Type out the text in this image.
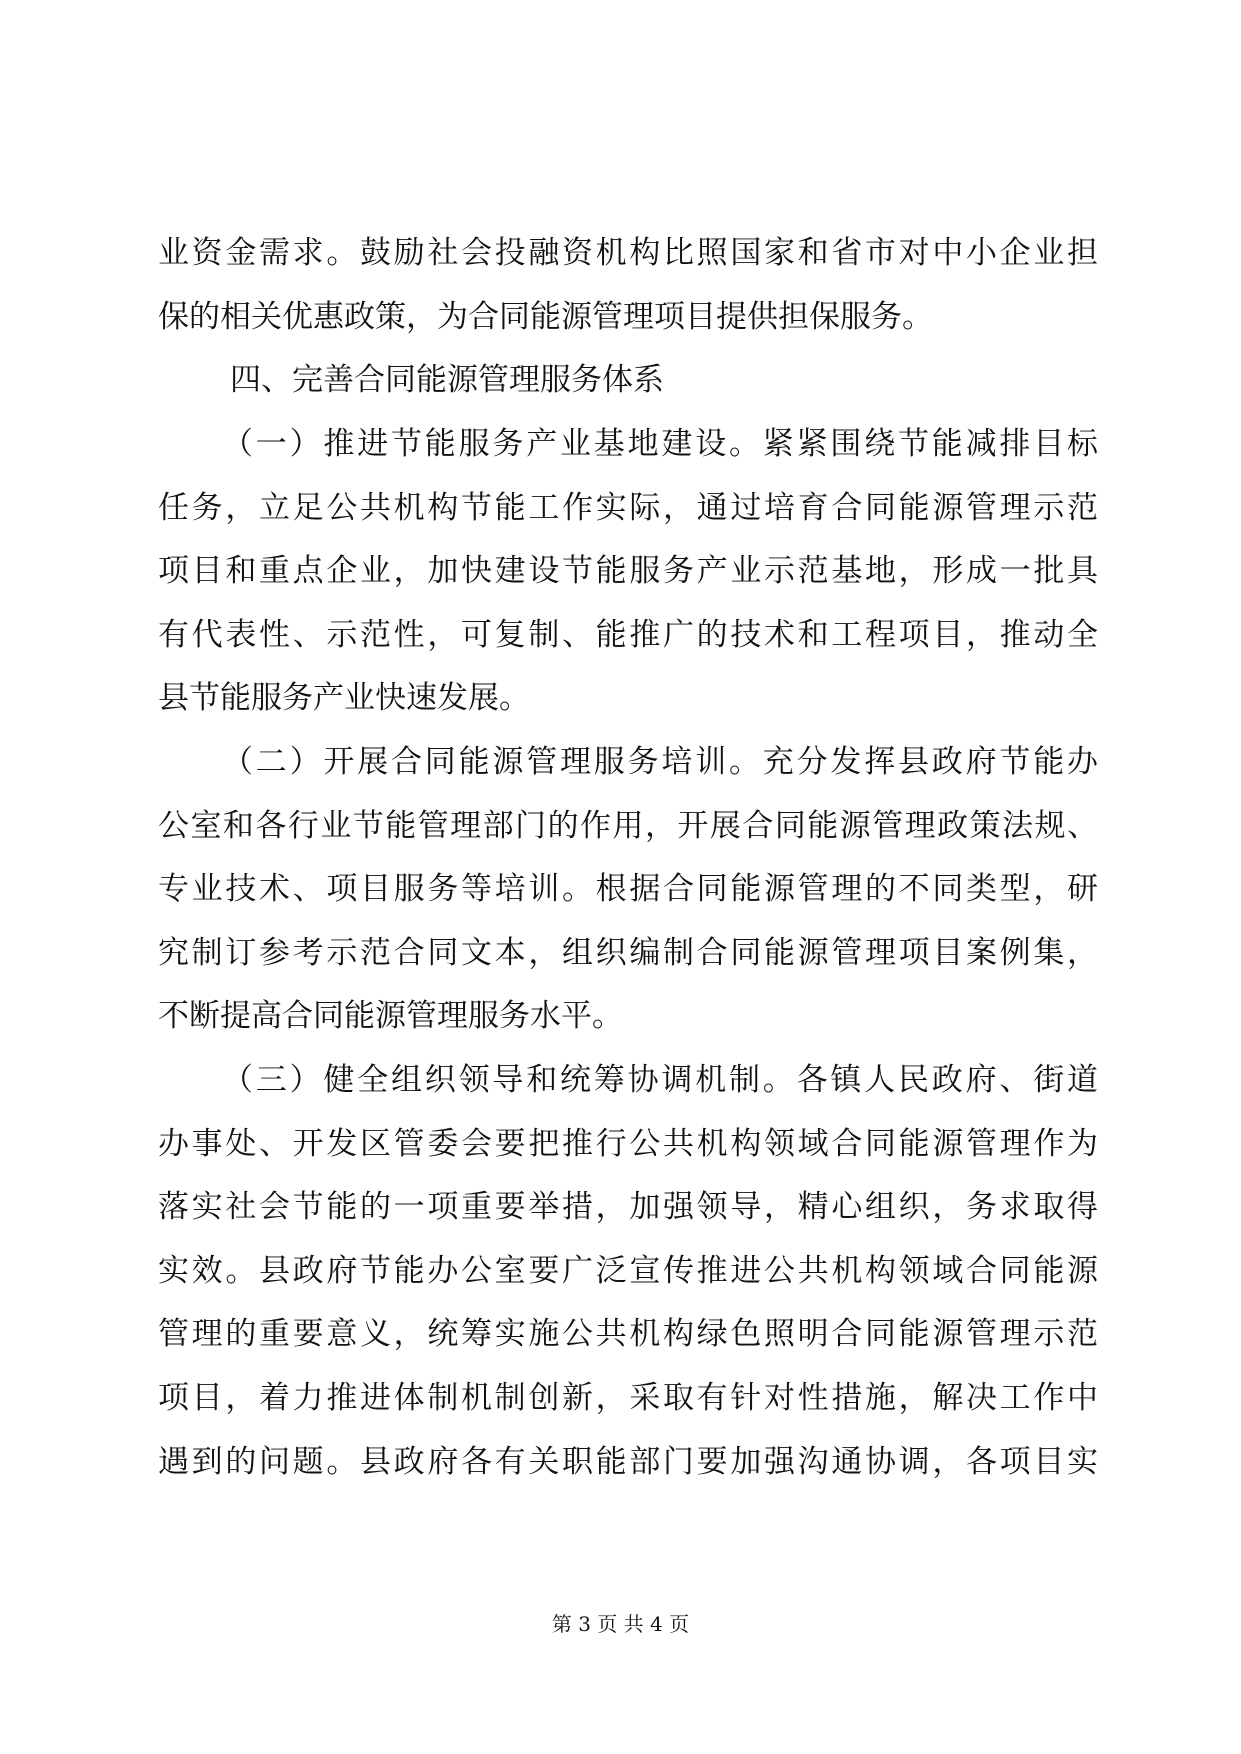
业资金需求。鼓励社会投融资机构比照国家和省市对中小企业担
保的相关优惠政策，为合同能源管理项目提供担保服务。
四、完善合同能源管理服务体系
（一）推进节能服务产业基地建设。紧紧围绕节能减排目标
任务，立足公共机构节能工作实际，通过培育合同能源管理示范
项目和重点企业，加快建设节能服务产业示范基地，形成一批具
有代表性、示范性，可复制、能推广的技术和工程项目，推动全
县节能服务产业快速发展。
（二）开展合同能源管理服务培训。充分发挥县政府节能办
公室和各行业节能管理部门的作用，开展合同能源管理政策法规、
专业技术、项目服务等培训。根据合同能源管理的不同类型，研
究制订参考示范合同文本，组织编制合同能源管理项目案例集，
不断提高合同能源管理服务水平。
（三）健全组织领导和统筹协调机制。各镇人民政府、街道
办事处、开发区管委会要把推行公共机构领域合同能源管理作为
落实社会节能的一项重要举措，加强领导，精心组织，务求取得
实效。县政府节能办公室要广泛宣传推进公共机构领域合同能源
管理的重要意义，统筹实施公共机构绿色照明合同能源管理示范
项目，着力推进体制机制创新，采取有针对性措施，解决工作中
遇到的问题。县政府各有关职能部门要加强沟通协调，各项目实
第 3 页 共 4 页
